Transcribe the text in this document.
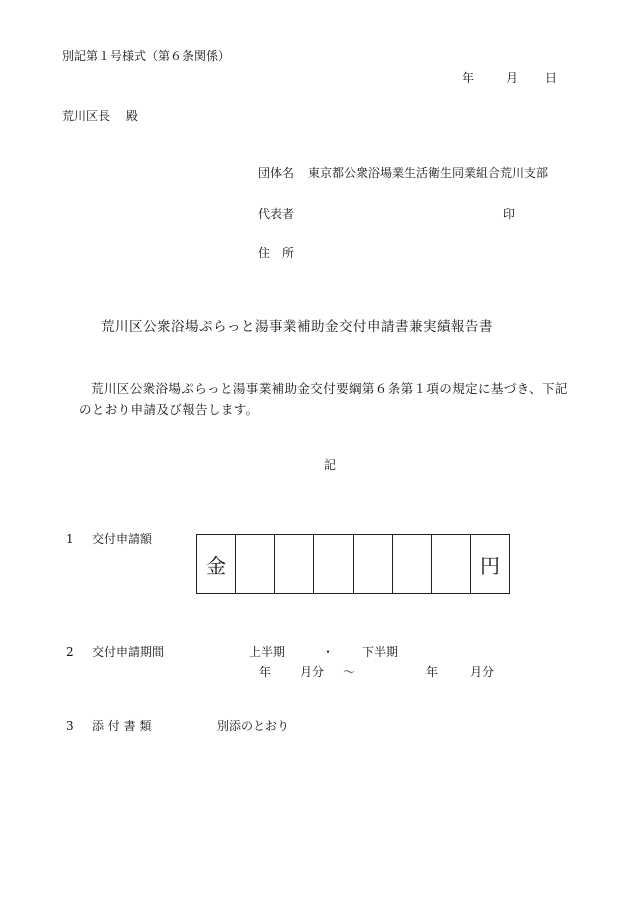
別記第１号様式（第６条関係）
年	月 日
荒川区長　 殿
団体名 東京都公衆浴場業生活衛生同業組合荒川支部
代表者	印
住　所
荒川区公衆浴場ぷらっと湯事業補助金交付申請書兼実績報告書
荒川区公衆浴場ぷらっと湯事業補助金交付要綱第６条第１項の規定に基づき、下記のとおり申請及び報告します。
記
1 交付申請額
金	円
2 交付申請期間	上半期	・ 下半期
年 月分 ～	年	月分
3 添 付 書 類	別添のとおり
